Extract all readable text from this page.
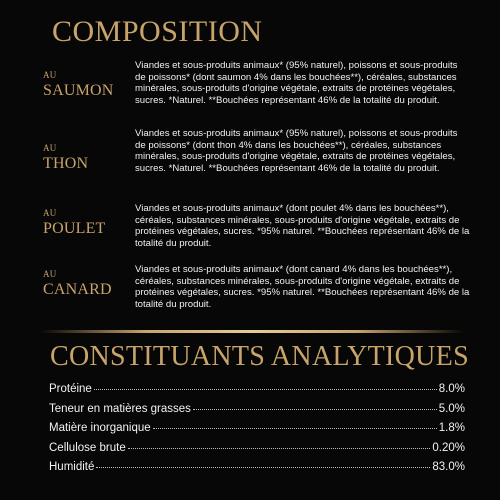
COMPOSITION
AU
SAUMON

Viandes et sous-produits animaux* (95% naturel), poissons et sous-produits de poissons* (dont saumon 4% dans les bouchées**), céréales, substances minérales, sous-produits d'origine végétale, extraits de protéines végétales, sucres. *Naturel. **Bouchées représentant 46% de la totalité du produit.

AU
THON

Viandes et sous-produits animaux* (95% naturel), poissons et sous-produits de poissons* (dont thon 4% dans les bouchées**), céréales, substances minérales, sous-produits d'origine végétale, extraits de protéines végétales, sucres. *Naturel. **Bouchées représentant 46% de la totalité du produit.

AU
POULET

Viandes et sous-produits animaux* (dont poulet 4% dans les bouchées**), céréales, substances minérales, sous-produits d'origine végétale, extraits de protéines végétales, sucres. *95% naturel. **Bouchées représentant 46% de la totalité du produit.

AU
CANARD

Viandes et sous-produits animaux* (dont canard 4% dans les bouchées**), céréales, substances minérales, sous-produits d'origine végétale, extraits de protéines végétales, sucres. *95% naturel. **Bouchées représentant 46% de la totalité du produit.

CONSTITUANTS ANALYTIQUES
Protéine	8.0%
Teneur en matières grasses	5.0%
Matière inorganique	1.8%
Cellulose brute	0.20%
Humidité	83.0%
